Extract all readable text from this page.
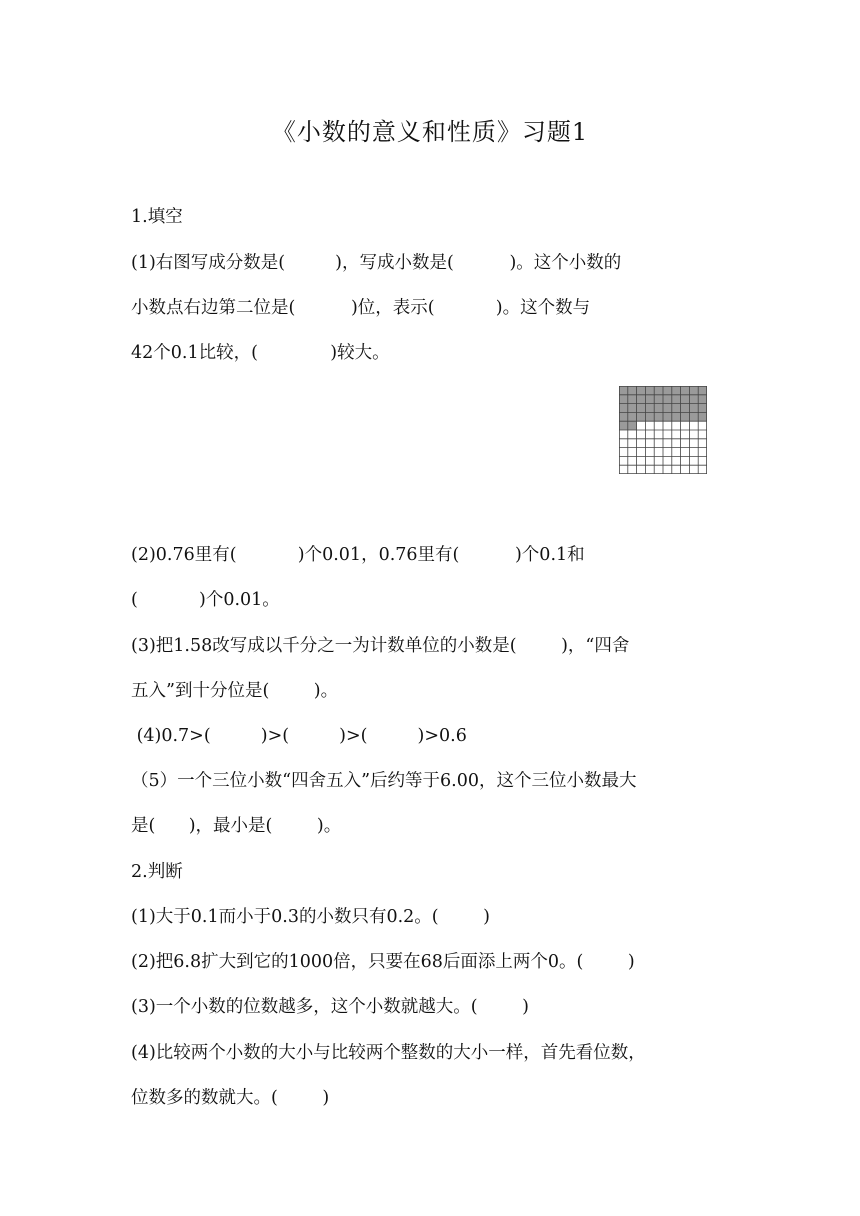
《小数的意义和性质》习题1
1.填空
(1)右图写成分数是(         )，写成小数是(          )。这个小数的
小数点右边第二位是(          )位，表示(           )。这个数与
42个0.1比较，(             )较大。
(2)0.76里有(           )个0.01，0.76里有(          )个0.1和
(           )个0.01。
(3)把1.58改写成以千分之一为计数单位的小数是(        )，“四舍
五入”到十分位是(        )。
(4)0.7>(         )>(         )>(         )>0.6
（5）一个三位小数“四舍五入”后约等于6.00，这个三位小数最大
是(      )，最小是(        )。
2.判断
(1)大于0.1而小于0.3的小数只有0.2。(        )
(2)把6.8扩大到它的1000倍，只要在68后面添上两个0。(        )
(3)一个小数的位数越多，这个小数就越大。(        )
(4)比较两个小数的大小与比较两个整数的大小一样，首先看位数，
位数多的数就大。(        )
